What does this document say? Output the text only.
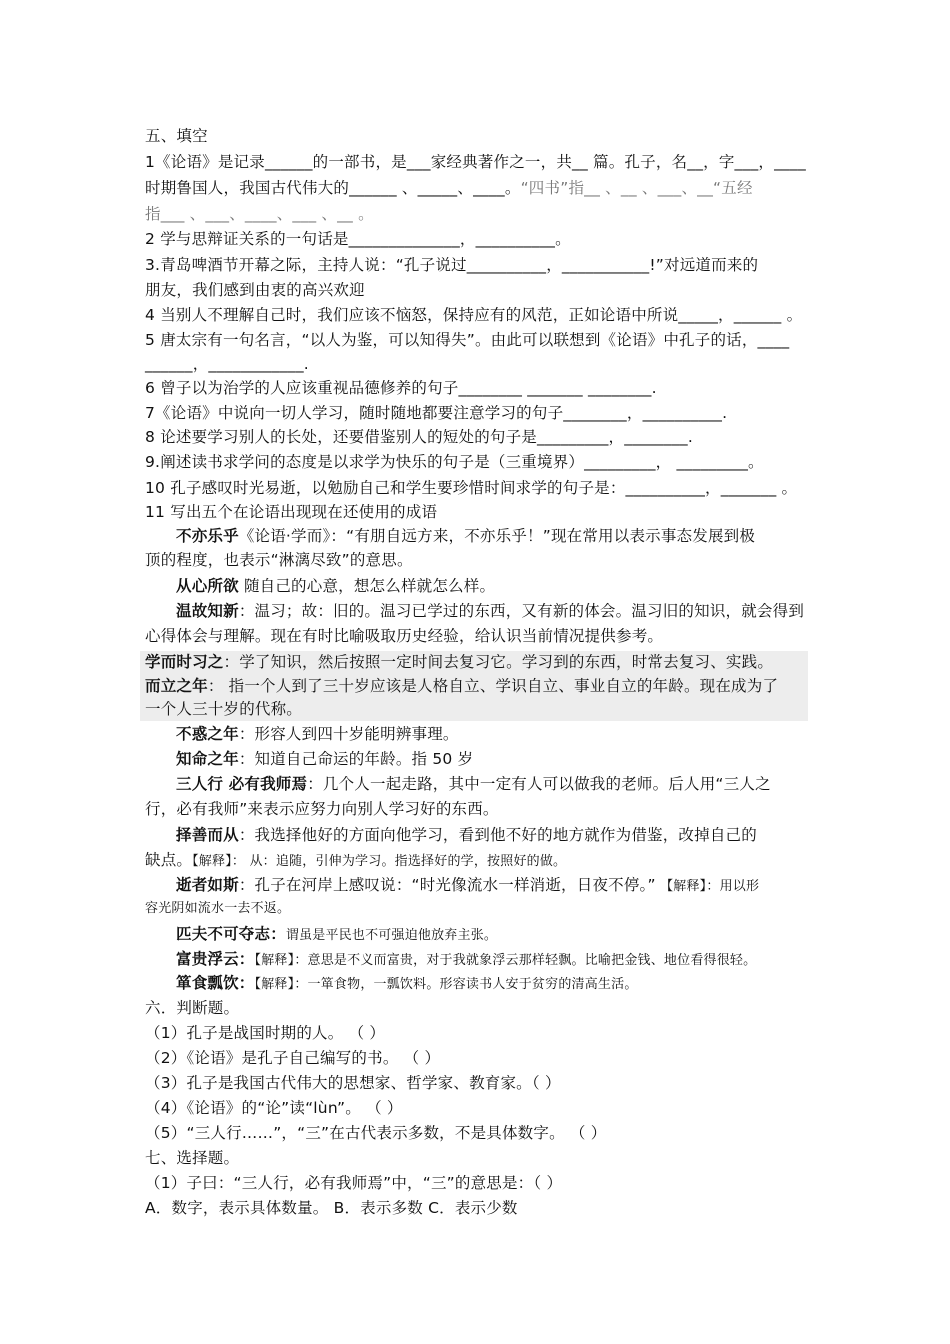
五、填空
1《论语》是记录______的一部书，是___家经典著作之一，共__ 篇。孔子，名__，字___，____
时期鲁国人，我国古代伟大的______ 、_____、____。“四书”指__ 、__ 、___、__“五经
指___ 、___、____、___ 、__ 。
2 学与思辩证关系的一句话是______________，__________。
3.青岛啤酒节开幕之际，主持人说：“孔子说过__________，___________!”对远道而来的
朋友，我们感到由衷的高兴欢迎
4 当别人不理解自己时，我们应该不恼怒，保持应有的风范，正如论语中所说_____，______ 。
5 唐太宗有一句名言，“以人为鉴，可以知得失”。由此可以联想到《论语》中孔子的话，____
______，____________.
6 曾子以为治学的人应该重视品德修养的句子________ _______ ________.
7《论语》中说向一切人学习，随时随地都要注意学习的句子________，__________.
8 论述要学习别人的长处，还要借鉴别人的短处的句子是_________，________.
9.阐述读书求学问的态度是以求学为快乐的句子是（三重境界）_________， _________。
10 孔子感叹时光易逝，以勉励自己和学生要珍惜时间求学的句子是：__________，_______ 。
11 写出五个在论语出现现在还使用的成语
不亦乐乎《论语·学而》：“有朋自远方来，不亦乐乎！”现在常用以表示事态发展到极
顶的程度，也表示“淋漓尽致”的意思。
从心所欲 随自己的心意，想怎么样就怎么样。
温故知新：温习；故：旧的。温习已学过的东西，又有新的体会。温习旧的知识，就会得到
心得体会与理解。现在有时比喻吸取历史经验，给认识当前情况提供参考。
学而时习之：学了知识，然后按照一定时间去复习它。学习到的东西，时常去复习、实践。
而立之年： 指一个人到了三十岁应该是人格自立、学识自立、事业自立的年龄。现在成为了
一个人三十岁的代称。
不惑之年：形容人到四十岁能明辨事理。
知命之年：知道自己命运的年龄。指 50 岁
三人行 必有我师焉：几个人一起走路，其中一定有人可以做我的老师。后人用“三人之
行，必有我师”来表示应努力向别人学习好的东西。
择善而从：我选择他好的方面向他学习，看到他不好的地方就作为借鉴，改掉自己的
缺点。【解释】： 从：追随，引伸为学习。指选择好的学，按照好的做。
逝者如斯：孔子在河岸上感叹说：“时光像流水一样消逝，日夜不停。” 【解释】：用以形
容光阴如流水一去不返。
匹夫不可夺志：谓虽是平民也不可强迫他放弃主张。
富贵浮云：【解释】：意思是不义而富贵，对于我就象浮云那样轻飘。比喻把金钱、地位看得很轻。
箪食瓢饮：【解释】：一箪食物，一瓢饮料。形容读书人安于贫穷的清高生活。
六．判断题。
（1）孔子是战国时期的人。 （ ）
（2）《论语》是孔子自己编写的书。 （ ）
（3）孔子是我国古代伟大的思想家、哲学家、教育家。（ ）
（4）《论语》的“论”读“lùn”。 （ ）
（5）“三人行……”，“三”在古代表示多数，不是具体数字。 （ ）
七、选择题。
（1）子曰：“三人行，必有我师焉”中，“三”的意思是：（ ）
A．数字，表示具体数量。 B．表示多数 C．表示少数
